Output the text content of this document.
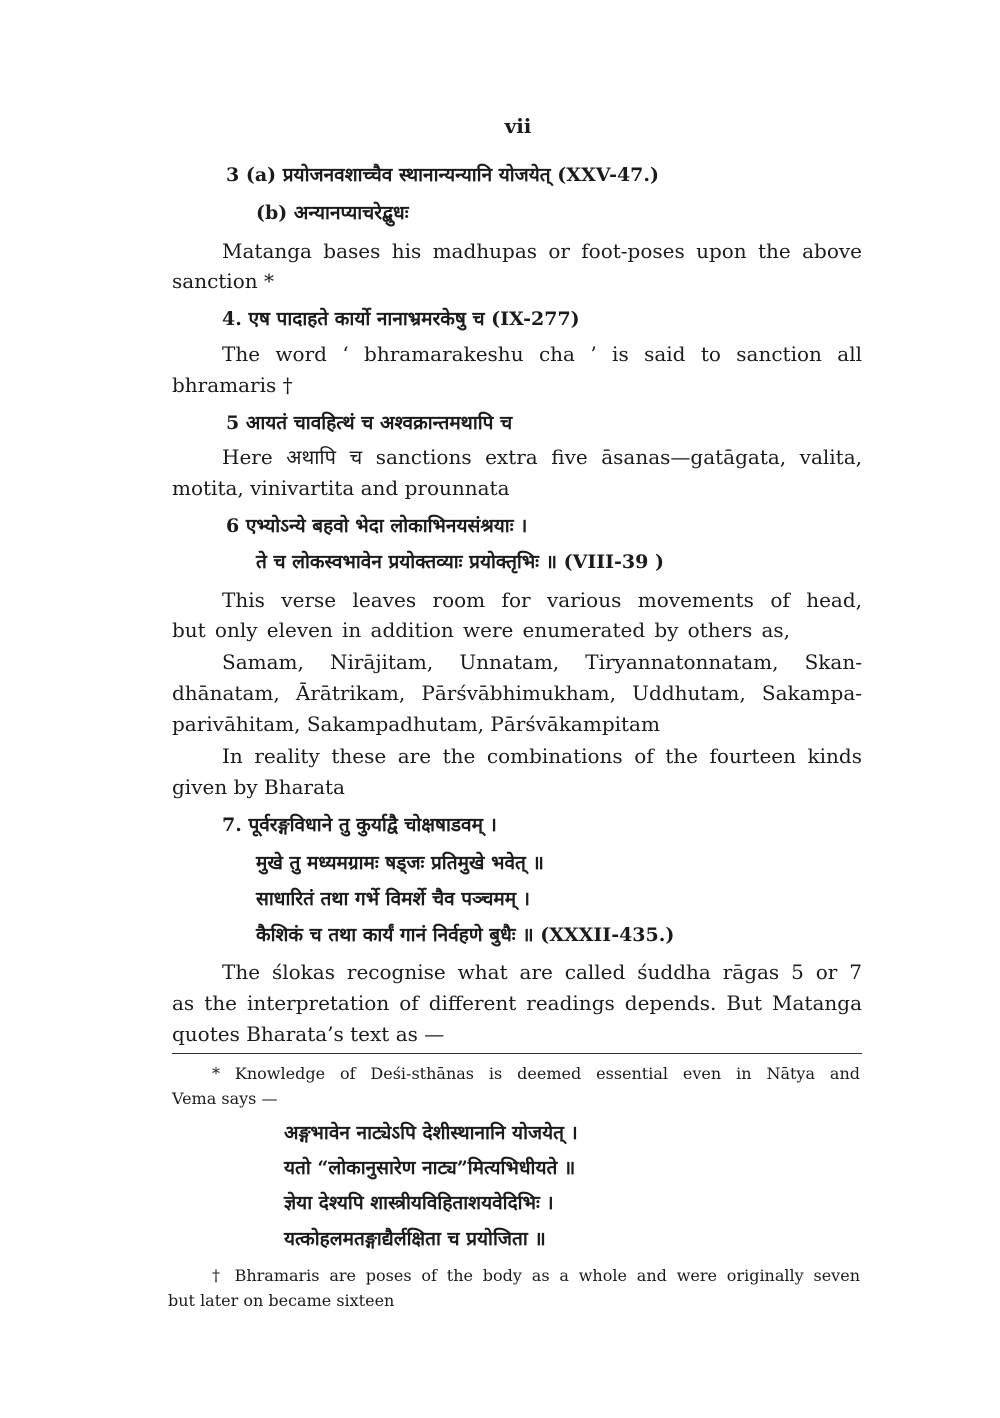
vii
3 (a) प्रयोजनवशाच्चैव स्थानान्यन्यानि योजयेत् (XXV-47.)
(b) अन्यानप्याचरेद्बुधः
Matanga bases his madhupas or foot-poses upon the above
sanction *
4. एष पादाहते कार्यो नानाभ्रमरकेषु च (IX-277)
The word ‘ bhramarakeshu cha ’ is said to sanction all
bhramaris †
5 आयतं चावहित्थं च अश्वक्रान्तमथापि च
Here अथापि च sanctions extra five āsanas—gatāgata, valita,
motita, vinivartita and prounnata
6 एभ्योऽन्ये बहवो भेदा लोकाभिनयसंश्रयाः ।
ते च लोकस्वभावेन प्रयोक्तव्याः प्रयोक्तृभिः ॥ (VIII-39 )
This verse leaves room for various movements of head,
but only eleven in addition were enumerated by others as,
Samam, Nirājitam, Unnatam, Tiryannatonnatam, Skan-
dhānatam, Ārātrikam, Pārśvābhimukham, Uddhutam, Sakampa-
parivāhitam, Sakampadhutam, Pārśvākampitam
In reality these are the combinations of the fourteen kinds
given by Bharata
7. पूर्वरङ्गविधाने तु कुर्याद्वै चोक्षषाडवम् ।
मुखे तु मध्यमग्रामः षड्जः प्रतिमुखे भवेत् ॥
साधारितं तथा गर्भे विमर्शे चैव पञ्चमम् ।
कैशिकं च तथा कार्यं गानं निर्वहणे बुधैः ॥ (XXXII-435.)
The ślokas recognise what are called śuddha rāgas 5 or 7
as the interpretation of different readings depends. But Matanga
quotes Bharata’s text as —
* Knowledge of Deśi-sthānas is deemed essential even in Nātya and
Vema says —
अङ्गभावेन नाट्येऽपि देशीस्थानानि योजयेत् ।
यतो “लोकानुसारेण नाट्य”मित्यभिधीयते ॥
ज्ञेया देश्यपि शास्त्रीयविहिताशयवेदिभिः ।
यत्कोहलमतङ्गाद्यैर्लक्षिता च प्रयोजिता ॥
† Bhramaris are poses of the body as a whole and were originally seven
but later on became sixteen
